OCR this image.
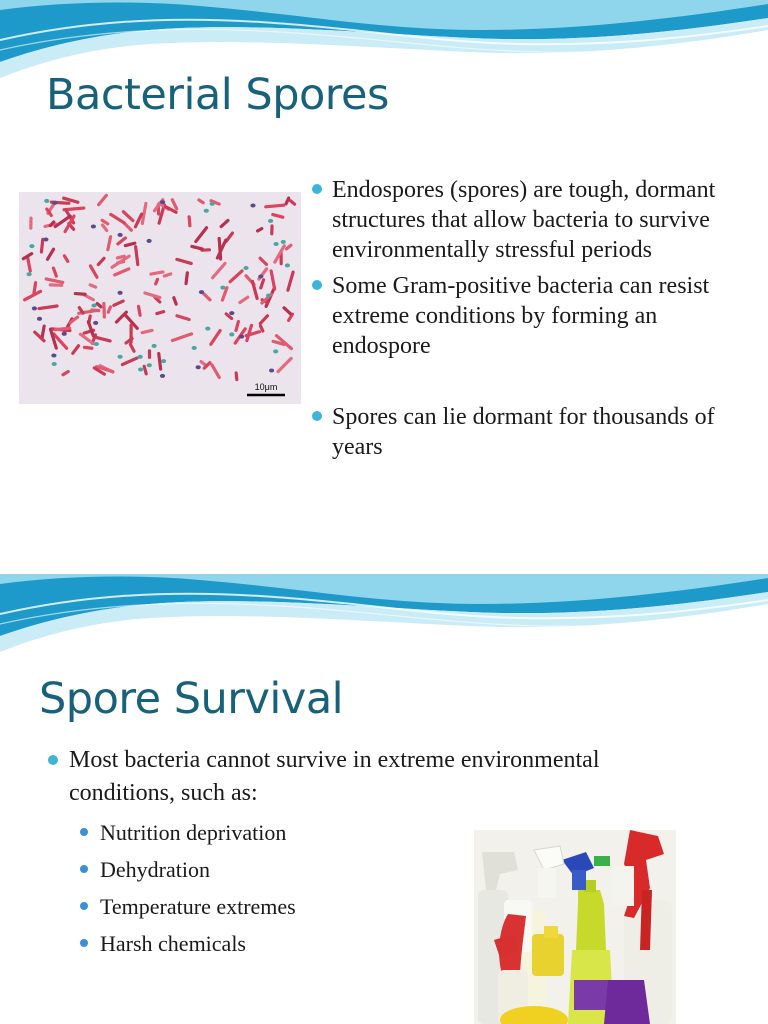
Bacterial Spores
10μm
Endospores (spores) are tough, dormant structures that allow bacteria to survive environmentally stressful periods
Some Gram-positive bacteria can resist extreme conditions by forming an endospore
Spores can lie dormant for thousands of years
Spore Survival
Most bacteria cannot survive in extreme environmental conditions, such as:
Nutrition deprivation
Dehydration
Temperature extremes
Harsh chemicals
